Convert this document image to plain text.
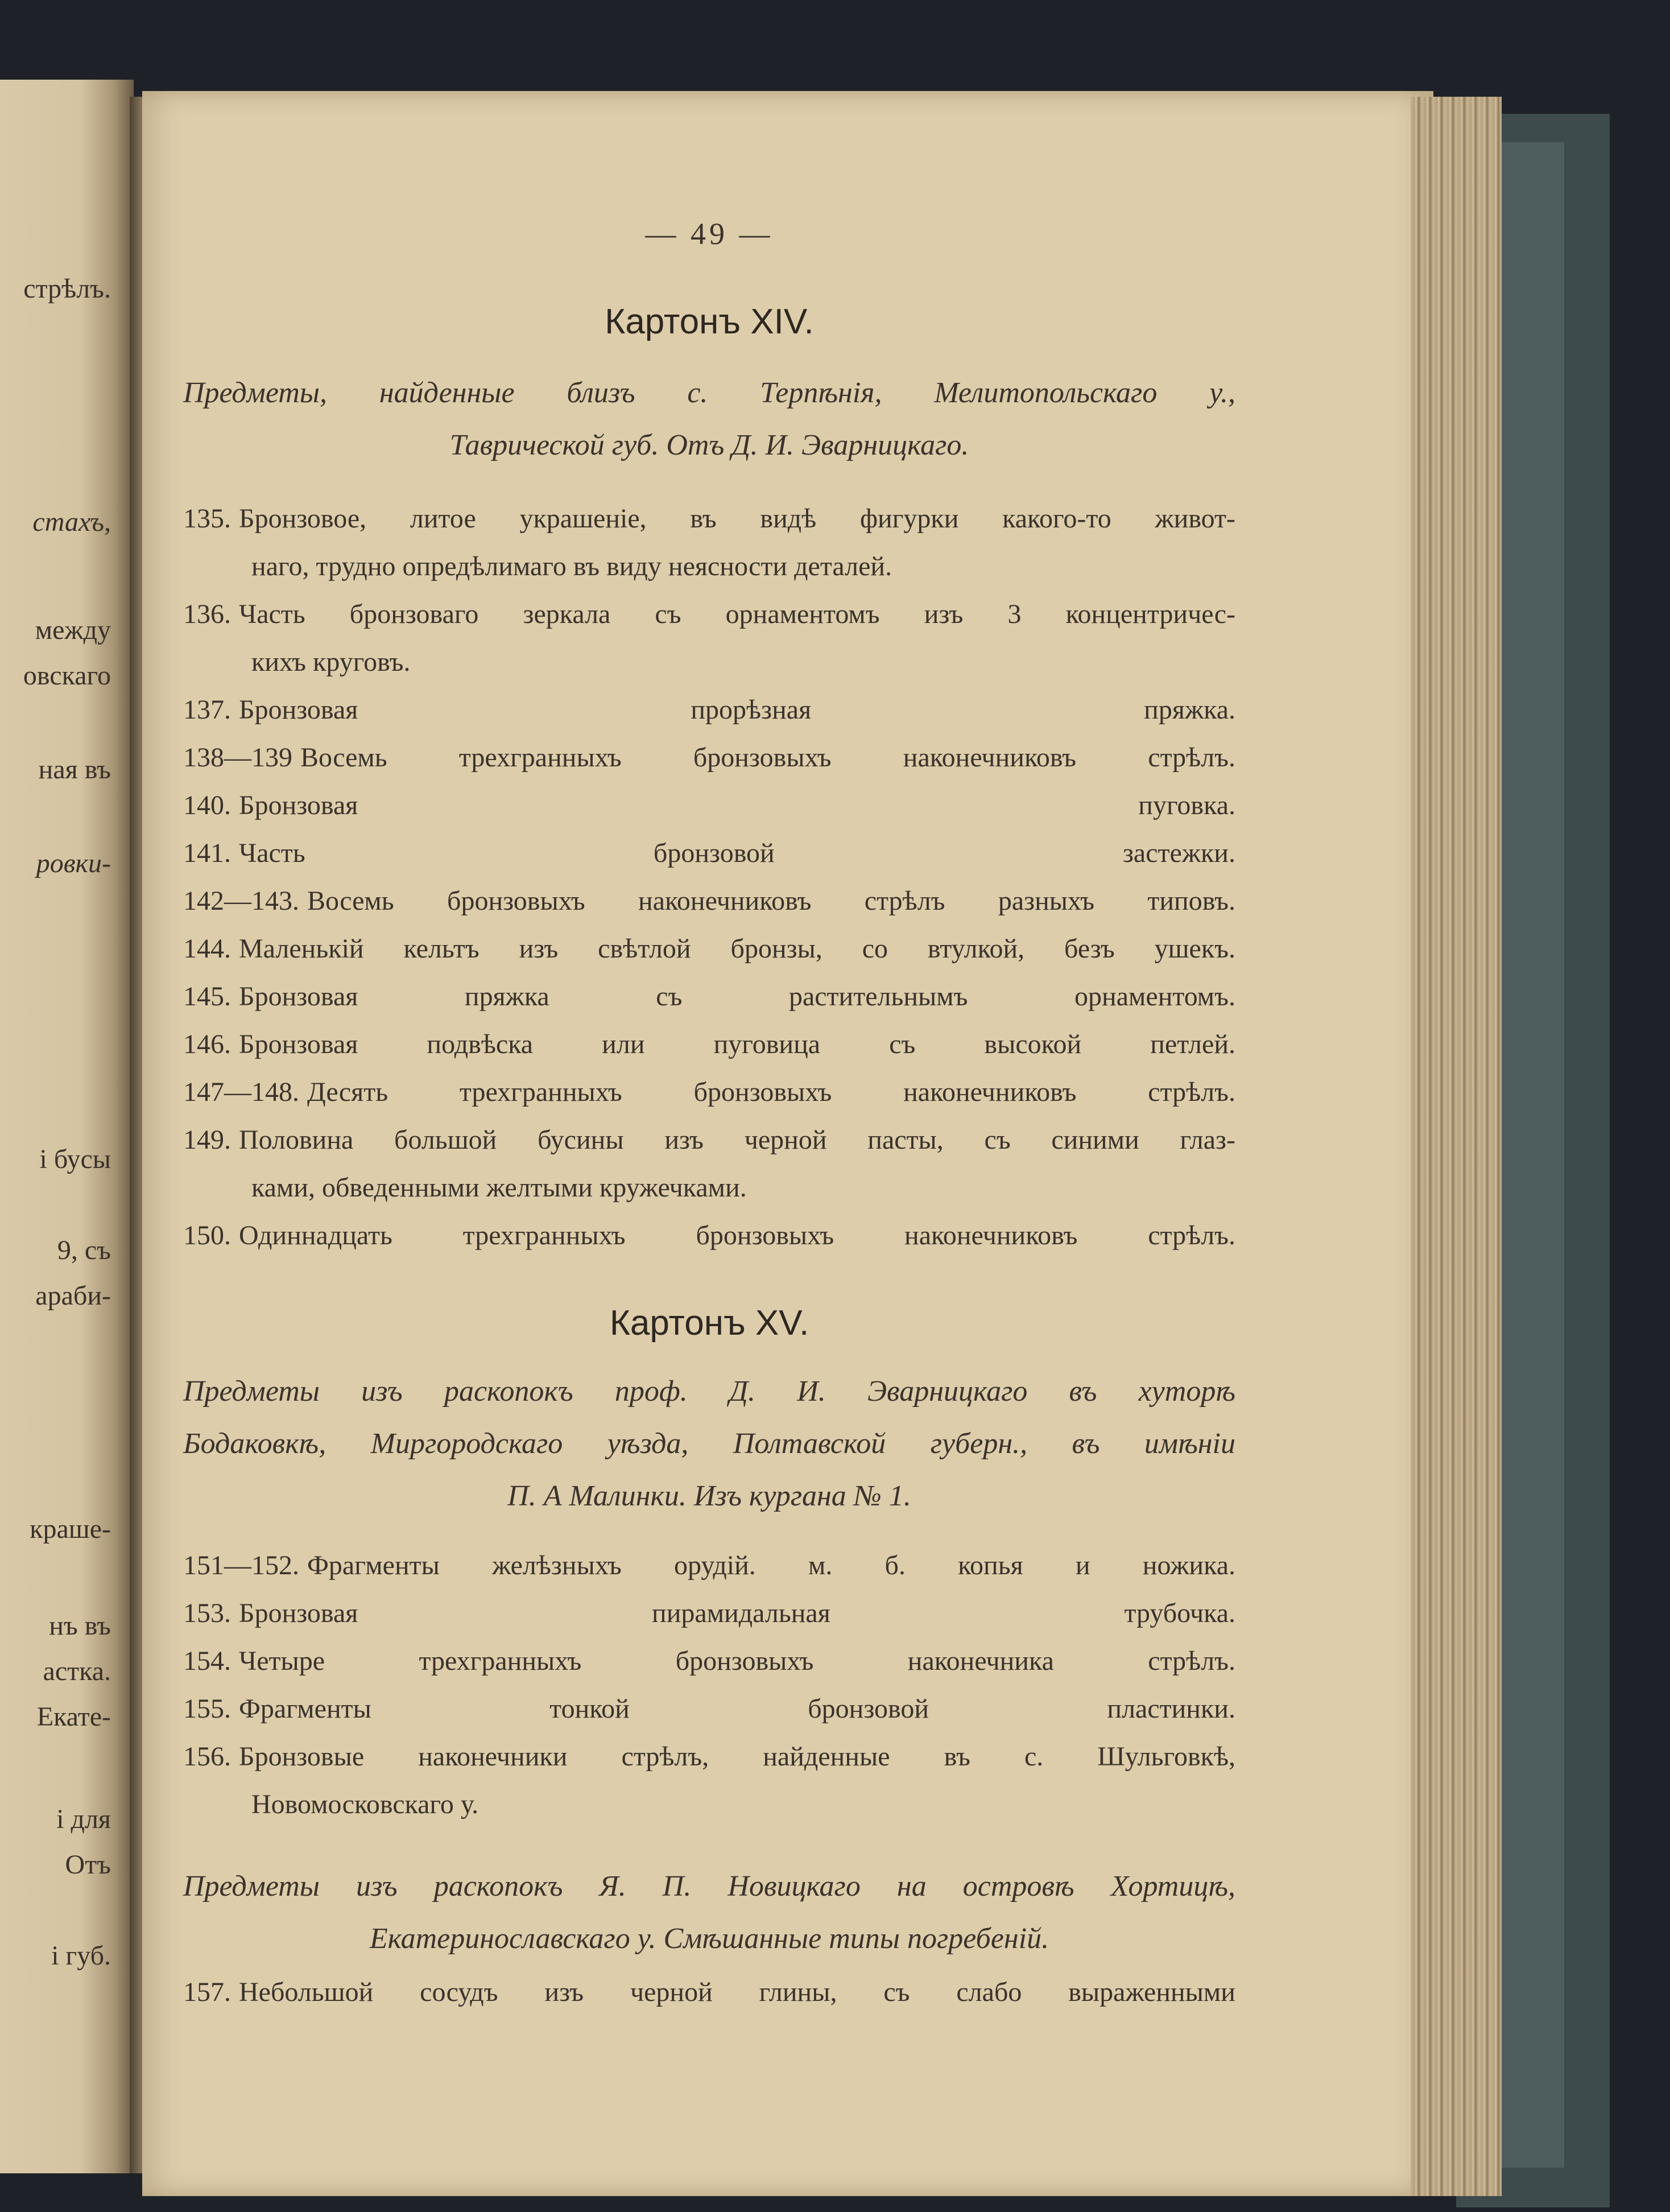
стрѣлъ.
стахъ,
между
овскаго
ная въ
ровки-
і бусы
9, съ
араби-
краше-
нъ въ
астка.
Екате-
і для
Отъ
і губ.
— 49 —
Картонъ XIV.
Предметы, найденные близъ с. Терпѣнія, Мелитопольскаго у.,
Таврической губ. Отъ Д. И. Эварницкаго.
135. Бронзовое, литое украшеніе, въ видѣ фигурки какого-то живот-
наго, трудно опредѣлимаго въ виду неясности деталей.
136. Часть бронзоваго зеркала съ орнаментомъ изъ 3 концентричес-
кихъ круговъ.
137. Бронзовая прорѣзная пряжка.
138—139 Восемь трехгранныхъ бронзовыхъ наконечниковъ стрѣлъ.
140. Бронзовая пуговка.
141. Часть бронзовой застежки.
142—143. Восемь бронзовыхъ наконечниковъ стрѣлъ разныхъ типовъ.
144. Маленькій кельтъ изъ свѣтлой бронзы, со втулкой, безъ ушекъ.
145. Бронзовая пряжка съ растительнымъ орнаментомъ.
146. Бронзовая подвѣска или пуговица съ высокой петлей.
147—148. Десять трехгранныхъ бронзовыхъ наконечниковъ стрѣлъ.
149. Половина большой бусины изъ черной пасты, съ синими глаз-
ками, обведенными желтыми кружечками.
150. Одиннадцать трехгранныхъ бронзовыхъ наконечниковъ стрѣлъ.
Картонъ XV.
Предметы изъ раскопокъ проф. Д. И. Эварницкаго въ хуторѣ
Бодаковкѣ, Миргородскаго уѣзда, Полтавской губерн., въ имѣніи
П. А Малинки. Изъ кургана № 1.
151—152. Фрагменты желѣзныхъ орудій. м. б. копья и ножика.
153. Бронзовая пирамидальная трубочка.
154. Четыре трехгранныхъ бронзовыхъ наконечника стрѣлъ.
155. Фрагменты тонкой бронзовой пластинки.
156. Бронзовые наконечники стрѣлъ, найденные въ с. Шульговкѣ,
Новомосковскаго у.
Предметы изъ раскопокъ Я. П. Новицкаго на островѣ Хортицѣ,
Екатеринославскаго у. Смѣшанные типы погребеній.
157. Небольшой сосудъ изъ черной глины, съ слабо выраженными
